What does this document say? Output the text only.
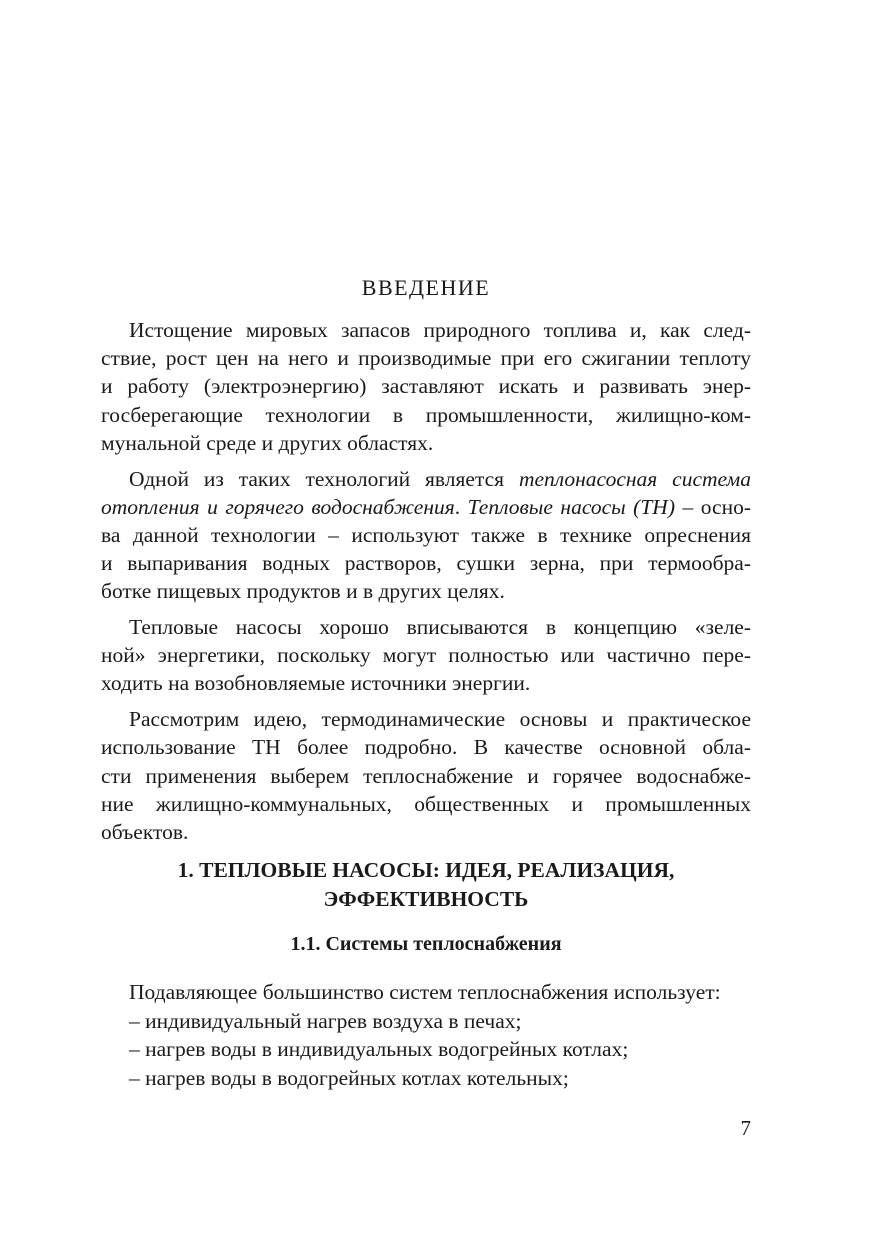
ВВЕДЕНИЕ

Истощение мировых запасов природного топлива и, как след-
ствие, рост цен на него и производимые при его сжигании теплоту
и работу (электроэнергию) заставляют искать и развивать энер-
госберегающие технологии в промышленности, жилищно-ком-
мунальной среде и других областях.

Одной из таких технологий является теплонасосная система
отопления и горячего водоснабжения. Тепловые насосы (ТН) – осно-
ва данной технологии – используют также в технике опреснения
и выпаривания водных растворов, сушки зерна, при термообра-
ботке пищевых продуктов и в других целях.

Тепловые насосы хорошо вписываются в концепцию «зеле-
ной» энергетики, поскольку могут полностью или частично пере-
ходить на возобновляемые источники энергии.

Рассмотрим идею, термодинамические основы и практическое
использование ТН более подробно. В качестве основной обла-
сти применения выберем теплоснабжение и горячее водоснабже-
ние жилищно-коммунальных, общественных и промышленных
объектов.

1. ТЕПЛОВЫЕ НАСОСЫ: ИДЕЯ, РЕАЛИЗАЦИЯ,
ЭФФЕКТИВНОСТЬ
1.1. Системы теплоснабжения
Подавляющее большинство систем теплоснабжения использует:
– индивидуальный нагрев воздуха в печах;
– нагрев воды в индивидуальных водогрейных котлах;
– нагрев воды в водогрейных котлах котельных;
7
